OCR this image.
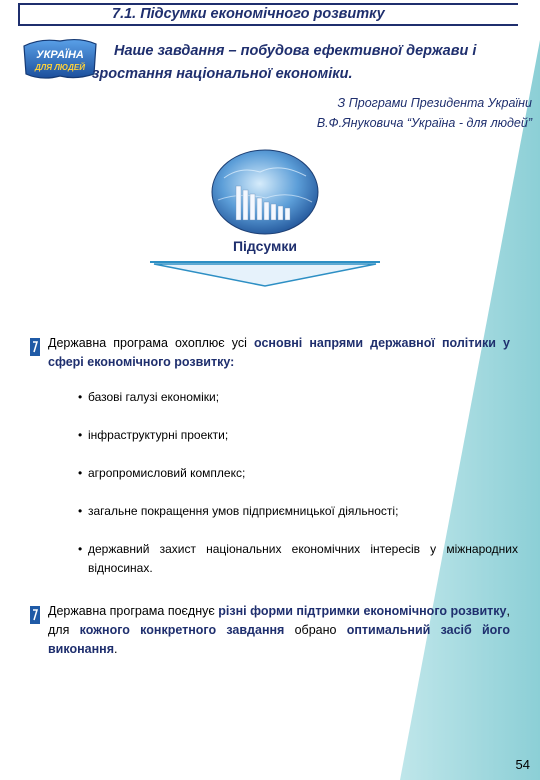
7.1. Підсумки економічного розвитку
УКРАЇНА
ДЛЯ ЛЮДЕЙ
Наше завдання – побудова ефективної держави і зростання національної економіки.
З Програми Президента України
В.Ф.Януковича “Україна - для людей”
Підсумки
Державна програма охоплює усі основні напрями державної політики у сфері економічного розвитку:
• базові галузі економіки;
• інфраструктурні проекти;
• агропромисловий комплекс;
• загальне покращення умов підприємницької діяльності;
• державний захист національних економічних інтересів у міжнародних відносинах.
Державна програма поєднує різні форми підтримки економічного розвитку, для кожного конкретного завдання обрано оптимальний засіб його виконання.
54
